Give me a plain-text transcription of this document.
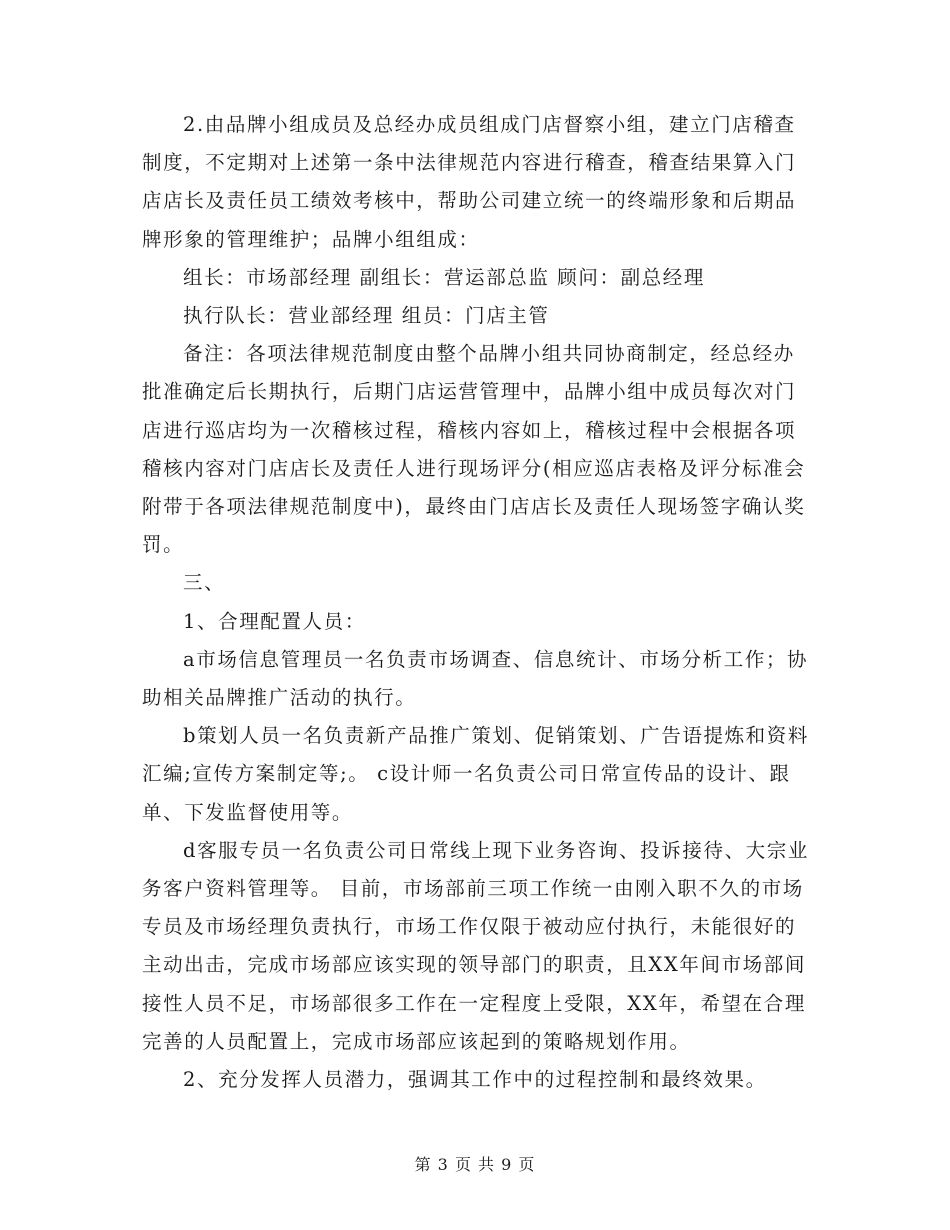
2.由品牌小组成员及总经办成员组成门店督察小组，建立门店稽查制度，不定期对上述第一条中法律规范内容进行稽查，稽查结果算入门店店长及责任员工绩效考核中，帮助公司建立统一的终端形象和后期品牌形象的管理维护；品牌小组组成：

组长：市场部经理 副组长：营运部总监 顾问：副总经理

执行队长：营业部经理 组员：门店主管

备注：各项法律规范制度由整个品牌小组共同协商制定，经总经办批准确定后长期执行，后期门店运营管理中，品牌小组中成员每次对门店进行巡店均为一次稽核过程，稽核内容如上，稽核过程中会根据各项稽核内容对门店店长及责任人进行现场评分(相应巡店表格及评分标准会附带于各项法律规范制度中)，最终由门店店长及责任人现场签字确认奖罚。

三、

1、合理配置人员：

a市场信息管理员一名负责市场调查、信息统计、市场分析工作；协助相关品牌推广活动的执行。

b策划人员一名负责新产品推广策划、促销策划、广告语提炼和资料汇编;宣传方案制定等;。 c设计师一名负责公司日常宣传品的设计、跟单、下发监督使用等。

d客服专员一名负责公司日常线上现下业务咨询、投诉接待、大宗业务客户资料管理等。 目前，市场部前三项工作统一由刚入职不久的市场专员及市场经理负责执行，市场工作仅限于被动应付执行，未能很好的主动出击，完成市场部应该实现的领导部门的职责，且XX年间市场部间接性人员不足，市场部很多工作在一定程度上受限，XX年，希望在合理完善的人员配置上，完成市场部应该起到的策略规划作用。

2、充分发挥人员潜力，强调其工作中的过程控制和最终效果。

第 3 页 共 9 页
